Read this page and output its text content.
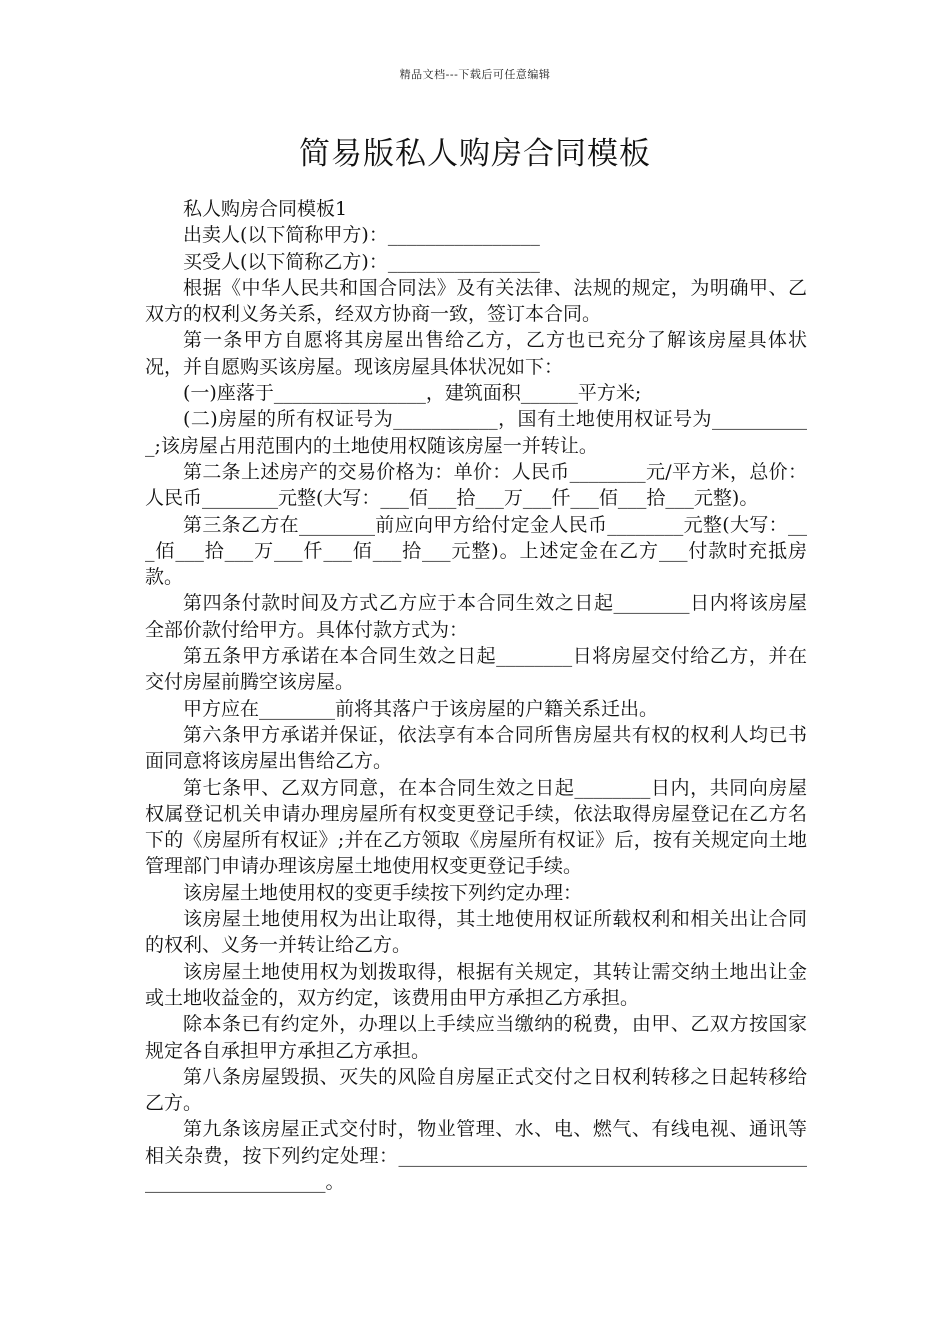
精品文档---下载后可任意编辑
简易版私人购房合同模板

私人购房合同模板1

出卖人(以下简称甲方)：________________

买受人(以下简称乙方)：________________

根据《中华人民共和国合同法》及有关法律、法规的规定，为明确甲、乙双方的权利义务关系，经双方协商一致，签订本合同。

第一条甲方自愿将其房屋出售给乙方，乙方也已充分了解该房屋具体状况，并自愿购买该房屋。现该房屋具体状况如下：

(一)座落于________________，建筑面积______平方米;

(二)房屋的所有权证号为___________，国有土地使用权证号为___________;该房屋占用范围内的土地使用权随该房屋一并转让。

第二条上述房产的交易价格为：单价：人民币________元/平方米，总价：人民币________元整(大写：___佰___拾___万___仟___佰___拾___元整)。

第三条乙方在________前应向甲方给付定金人民币________元整(大写：___佰___拾___万___仟___佰___拾___元整)。上述定金在乙方___付款时充抵房款。

第四条付款时间及方式乙方应于本合同生效之日起________日内将该房屋全部价款付给甲方。具体付款方式为：

第五条甲方承诺在本合同生效之日起________日将房屋交付给乙方，并在交付房屋前腾空该房屋。

甲方应在________前将其落户于该房屋的户籍关系迁出。

第六条甲方承诺并保证，依法享有本合同所售房屋共有权的权利人均已书面同意将该房屋出售给乙方。

第七条甲、乙双方同意，在本合同生效之日起________日内，共同向房屋权属登记机关申请办理房屋所有权变更登记手续，依法取得房屋登记在乙方名下的《房屋所有权证》;并在乙方领取《房屋所有权证》后，按有关规定向土地管理部门申请办理该房屋土地使用权变更登记手续。

该房屋土地使用权的变更手续按下列约定办理：

该房屋土地使用权为出让取得，其土地使用权证所载权利和相关出让合同的权利、义务一并转让给乙方。

该房屋土地使用权为划拨取得，根据有关规定，其转让需交纳土地出让金或土地收益金的，双方约定，该费用由甲方承担乙方承担。

除本条已有约定外，办理以上手续应当缴纳的税费，由甲、乙双方按国家规定各自承担甲方承担乙方承担。

第八条房屋毁损、灭失的风险自房屋正式交付之日权利转移之日起转移给乙方。

第九条该房屋正式交付时，物业管理、水、电、燃气、有线电视、通讯等相关杂费，按下列约定处理：______________________________________________________________。
